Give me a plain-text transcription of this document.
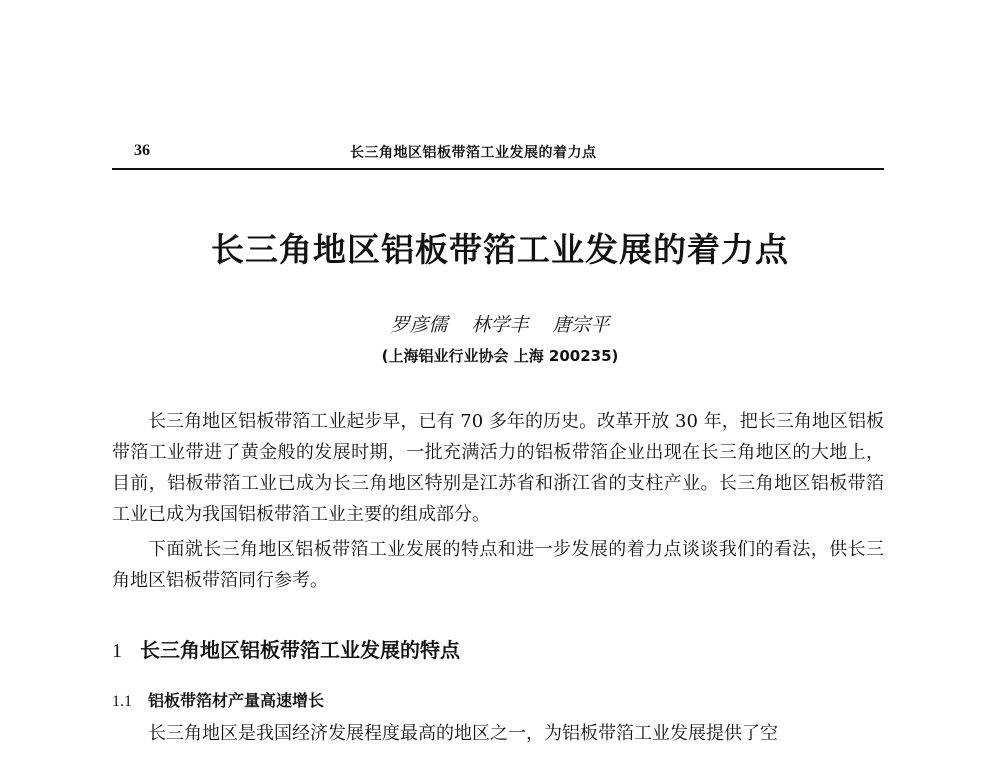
36	长三角地区铝板带箔工业发展的着力点
长三角地区铝板带箔工业发展的着力点
罗彦儒 林学丰 唐宗平
(上海铝业行业协会 上海 200235)

长三角地区铝板带箔工业起步早，已有 70 多年的历史。改革开放 30 年，把长三角地区铝板带箔工业带进了黄金般的发展时期，一批充满活力的铝板带箔企业出现在长三角地区的大地上，目前，铝板带箔工业已成为长三角地区特别是江苏省和浙江省的支柱产业。长三角地区铝板带箔工业已成为我国铝板带箔工业主要的组成部分。

下面就长三角地区铝板带箔工业发展的特点和进一步发展的着力点谈谈我们的看法，供长三角地区铝板带箔同行参考。

1 长三角地区铝板带箔工业发展的特点
1.1 铝板带箔材产量高速增长

长三角地区是我国经济发展程度最高的地区之一，为铝板带箔工业发展提供了空
